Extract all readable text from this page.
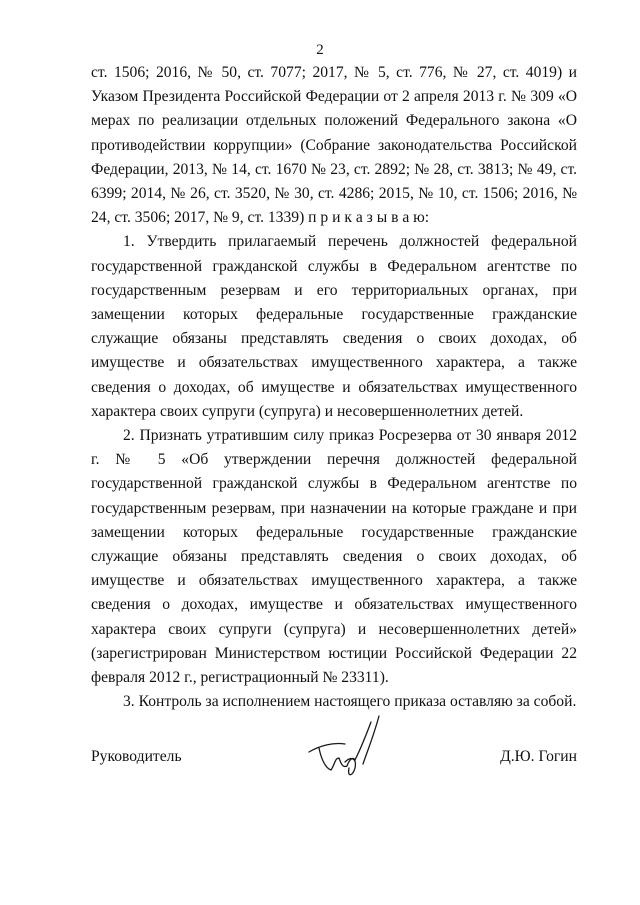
2

ст. 1506; 2016, № 50, ст. 7077; 2017, № 5, ст. 776, № 27, ст. 4019) и Указом Президента Российской Федерации от 2 апреля 2013 г. № 309 «О мерах по реализации отдельных положений Федерального закона «О противодействии коррупции» (Собрание законодательства Российской Федерации, 2013, № 14, ст. 1670 № 23, ст. 2892; № 28, ст. 3813; № 49, ст. 6399; 2014, № 26, ст. 3520, № 30, ст. 4286; 2015, № 10, ст. 1506; 2016, № 24, ст. 3506; 2017, № 9, ст. 1339) п р и к а з ы в а ю:

1. Утвердить прилагаемый перечень должностей федеральной государственной гражданской службы в Федеральном агентстве по государственным резервам и его территориальных органах, при замещении которых федеральные государственные гражданские служащие обязаны представлять сведения о своих доходах, об имуществе и обязательствах имущественного характера, а также сведения о доходах, об имуществе и обязательствах имущественного характера своих супруги (супруга) и несовершеннолетних детей.

2. Признать утратившим силу приказ Росрезерва от 30 января 2012 г. № 5 «Об утверждении перечня должностей федеральной государственной гражданской службы в Федеральном агентстве по государственным резервам, при назначении на которые граждане и при замещении которых федеральные государственные гражданские служащие обязаны представлять сведения о своих доходах, об имуществе и обязательствах имущественного характера, а также сведения о доходах, имуществе и обязательствах имущественного характера своих супруги (супруга) и несовершеннолетних детей» (зарегистрирован Министерством юстиции Российской Федерации 22 февраля 2012 г., регистрационный № 23311).

3. Контроль за исполнением настоящего приказа оставляю за собой.

Руководитель	Д.Ю. Гогин
